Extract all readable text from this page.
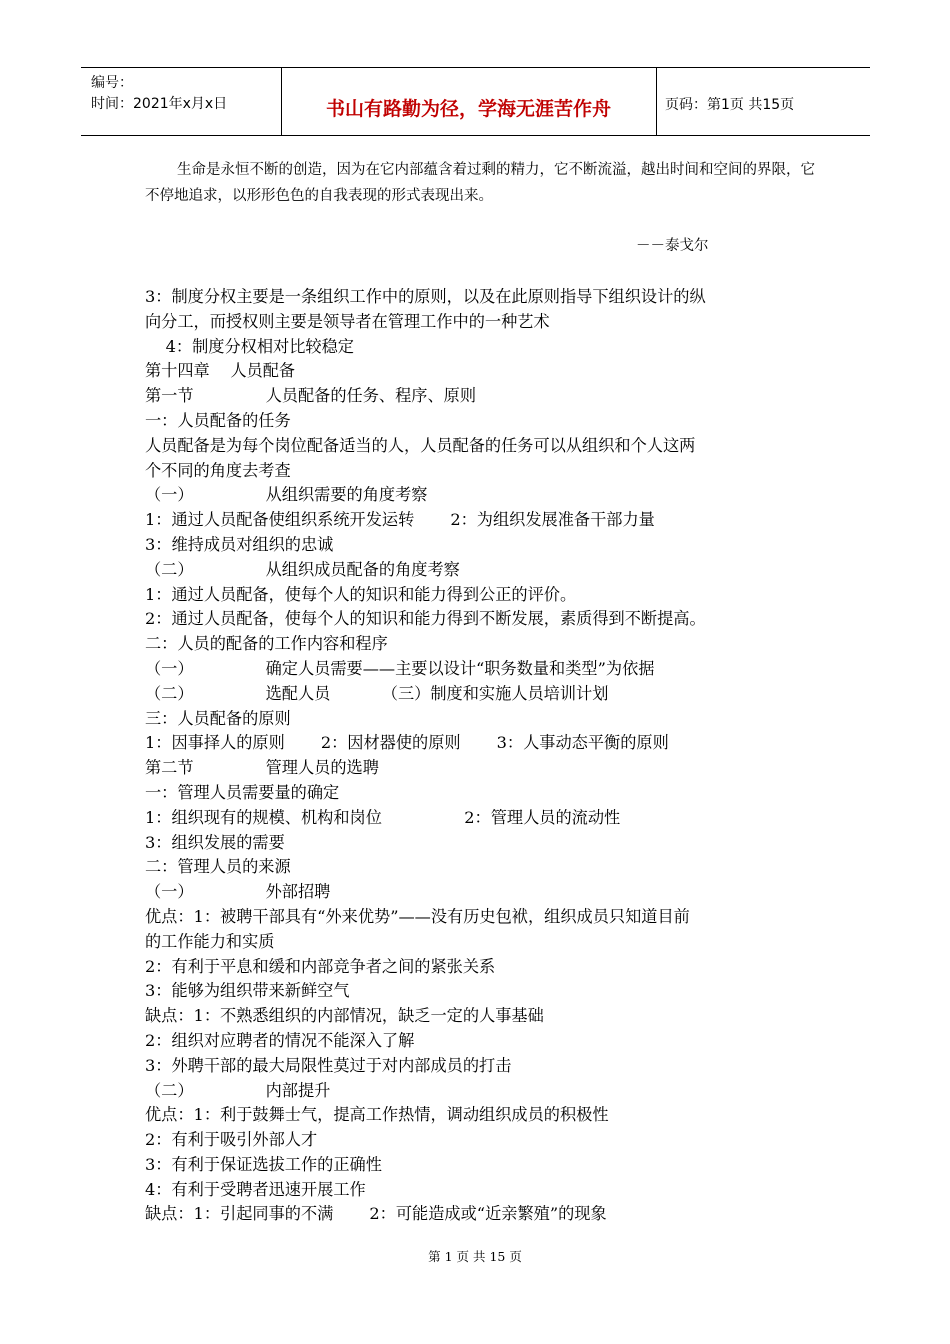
编号：
时间：2021年x月x日	书山有路勤为径，学海无涯苦作舟	页码：第1页 共15页

生命是永恒不断的创造，因为在它内部蕴含着过剩的精力，它不断流溢，越出时间和空间的界限，它不停地追求，以形形色色的自我表现的形式表现出来。

－－泰戈尔
3：制度分权主要是一条组织工作中的原则，以及在此原则指导下组织设计的纵
向分工，而授权则主要是领导者在管理工作中的一种艺术
4：制度分权相对比较稳定
第十四章    人员配备
第一节              人员配备的任务、程序、原则
一：人员配备的任务
人员配备是为每个岗位配备适当的人，人员配备的任务可以从组织和个人这两
个不同的角度去考查
（一）              从组织需要的角度考察
1：通过人员配备使组织系统开发运转       2：为组织发展准备干部力量
3：维持成员对组织的忠诚
（二）              从组织成员配备的角度考察
1：通过人员配备，使每个人的知识和能力得到公正的评价。
2：通过人员配备，使每个人的知识和能力得到不断发展，素质得到不断提高。
二：人员的配备的工作内容和程序
（一）              确定人员需要——主要以设计“职务数量和类型”为依据
（二）              选配人员          （三）制度和实施人员培训计划
三：人员配备的原则
1：因事择人的原则       2：因材器使的原则       3：人事动态平衡的原则
第二节              管理人员的选聘
一：管理人员需要量的确定
1：组织现有的规模、机构和岗位                2：管理人员的流动性
3：组织发展的需要
二：管理人员的来源
（一）              外部招聘
优点：1：被聘干部具有“外来优势”——没有历史包袱，组织成员只知道目前
的工作能力和实质
2：有利于平息和缓和内部竞争者之间的紧张关系
3：能够为组织带来新鲜空气
缺点：1：不熟悉组织的内部情况，缺乏一定的人事基础
2：组织对应聘者的情况不能深入了解
3：外聘干部的最大局限性莫过于对内部成员的打击
（二）              内部提升
优点：1：利于鼓舞士气，提高工作热情，调动组织成员的积极性
2：有利于吸引外部人才
3：有利于保证选拔工作的正确性
4：有利于受聘者迅速开展工作
缺点：1：引起同事的不满       2：可能造成或“近亲繁殖”的现象
第 1 页 共 15 页
